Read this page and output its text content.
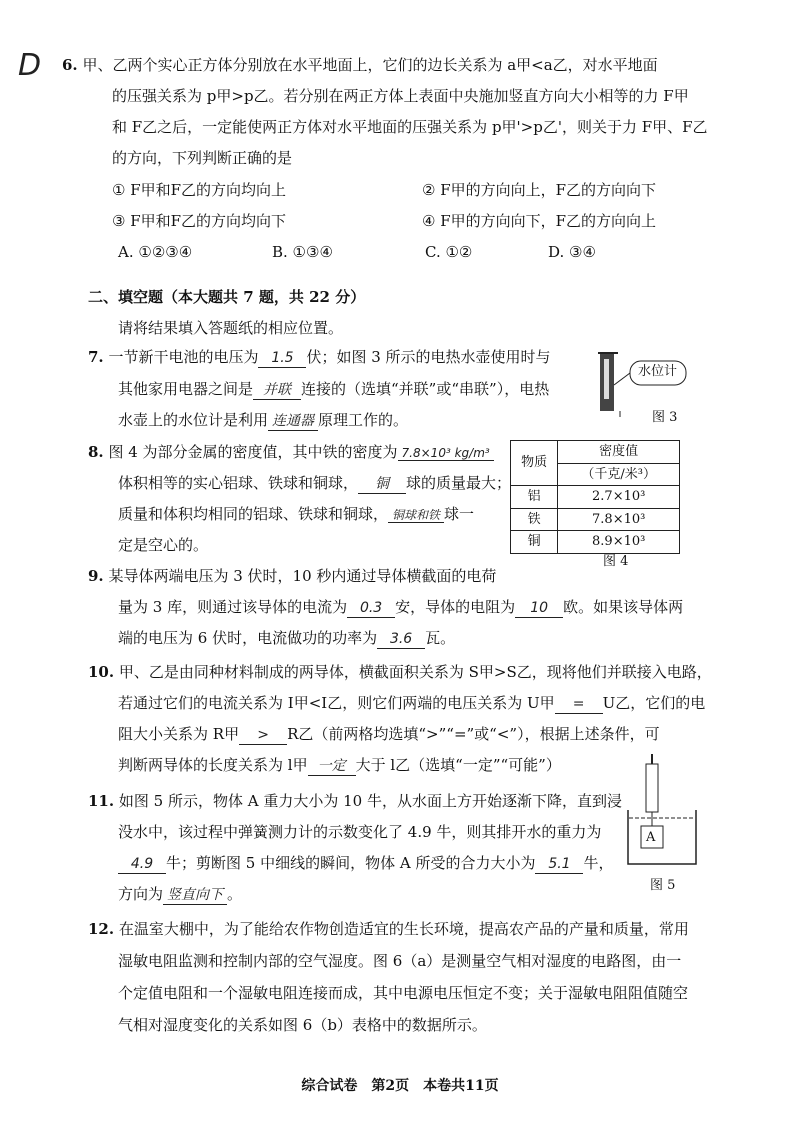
D 6. 甲、乙两个实心正方体分别放在水平地面上，它们的边长关系为 a甲<a乙，对水平地面
的压强关系为 p甲>p乙。若分别在两正方体上表面中央施加竖直方向大小相等的力 F甲
和 F乙之后，一定能使两正方体对水平地面的压强关系为 p甲'>p乙'，则关于力 F甲、F乙
的方向，下列判断正确的是
① F甲和F乙的方向均向上	② F甲的方向向上，F乙的方向向下
③ F甲和F乙的方向均向下	④ F甲的方向向下，F乙的方向向上
A. ①②③④	B. ①③④	C. ①②	D. ③④
二、填空题（本大题共 7 题，共 22 分）
请将结果填入答题纸的相应位置。
7. 一节新干电池的电压为 1.5 伏；如图 3 所示的电热水壶使用时与
其他家用电器之间是 并联 连接的（选填“并联”或“串联”），电热
水壶上的水位计是利用 连通器 原理工作的。
水位计
图 3
8. 图 4 为部分金属的密度值，其中铁的密度为 7.8×10³ kg/m³
体积相等的实心铝球、铁球和铜球， 铜 球的质量最大；
质量和体积均相同的铝球、铁球和铜球， 铜球和铁 球一
定是空心的。
物质	密度值
	（千克/米³）
铝	2.7×10³
铁	7.8×10³
铜	8.9×10³
图 4
9. 某导体两端电压为 3 伏时，10 秒内通过导体横截面的电荷
量为 3 库，则通过该导体的电流为 0.3 安，导体的电阻为 10 欧。如果该导体两
端的电压为 6 伏时，电流做功的功率为 3.6 瓦。
10. 甲、乙是由同种材料制成的两导体，横截面积关系为 S甲>S乙，现将他们并联接入电路，
若通过它们的电流关系为 I甲<I乙，则它们两端的电压关系为 U甲 = U乙，它们的电
阻大小关系为 R甲 > R乙（前两格均选填“>”“=”或“<”），根据上述条件，可
判断两导体的长度关系为 l甲 一定 大于 l乙（选填“一定”“可能”）
11. 如图 5 所示，物体 A 重力大小为 10 牛，从水面上方开始逐渐下降，直到浸
没水中，该过程中弹簧测力计的示数变化了 4.9 牛，则其排开水的重力为
4.9 牛；剪断图 5 中细线的瞬间，物体 A 所受的合力大小为 5.1 牛，
方向为 竖直向下 。
A
图 5
12. 在温室大棚中，为了能给农作物创造适宜的生长环境，提高农产品的产量和质量，常用
湿敏电阻监测和控制内部的空气湿度。图 6（a）是测量空气相对湿度的电路图，由一
个定值电阻和一个湿敏电阻连接而成，其中电源电压恒定不变；关于湿敏电阻阻值随空
气相对湿度变化的关系如图 6（b）表格中的数据所示。
综合试卷　第2页　本卷共11页
